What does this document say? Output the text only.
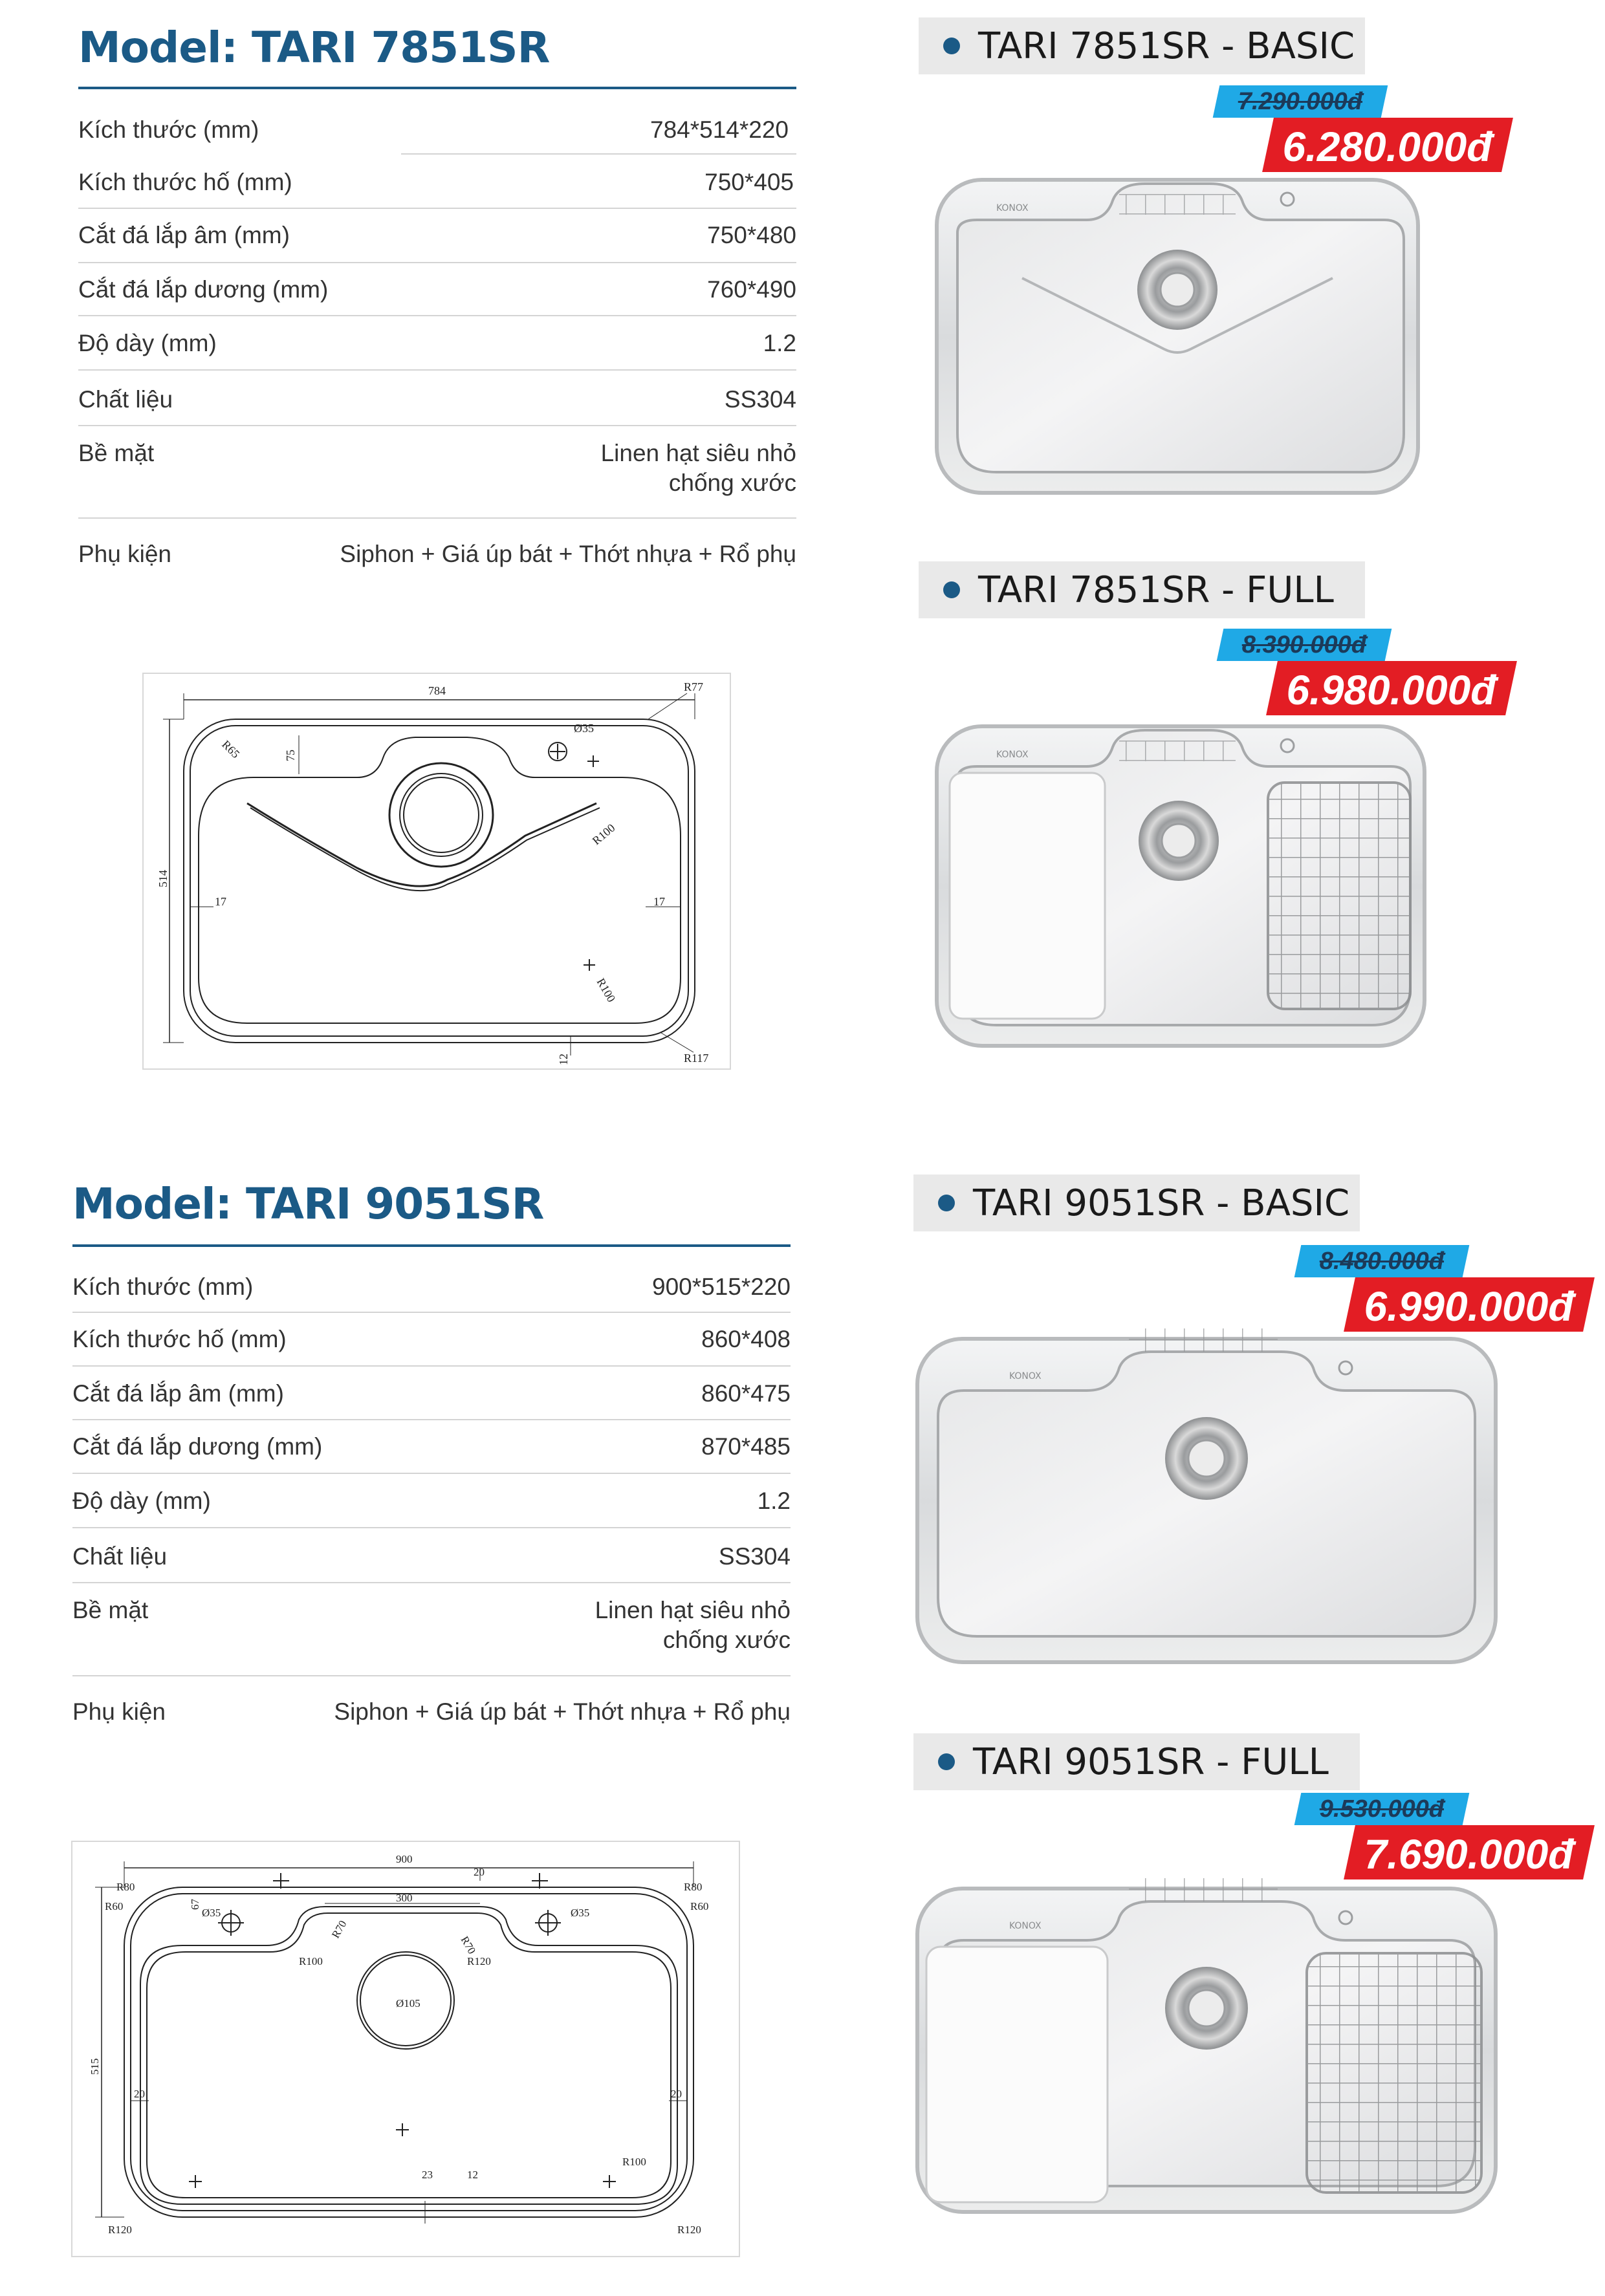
Model: TARI 7851SR
Kích thước (mm)	784*514*220
Kích thước hố (mm)	750*405
Cắt đá lắp âm (mm)	750*480
Cắt đá lắp dương (mm)	760*490
Độ dày (mm)	1.2
Chất liệu	SS304
Bề mặt	Linen hạt siêu nhỏ
chống xước
Phụ kiện	Siphon + Giá úp bát + Thớt nhựa + Rổ phụ
784	R77
R65	75
Ø35
R100
514
17	17
R100
12	R117
TARI 7851SR - BASIC
7.290.000đ
6.280.000đ
KONOX
TARI 7851SR - FULL
8.390.000đ
6.980.000đ
KONOX
Model: TARI 9051SR
Kích thước (mm)	900*515*220
Kích thước hố (mm)	860*408
Cắt đá lắp âm (mm)	860*475
Cắt đá lắp dương (mm)	870*485
Độ dày (mm)	1.2
Chất liệu	SS304
Bề mặt	Linen hạt siêu nhỏ
chống xước
Phụ kiện	Siphon + Giá úp bát + Thớt nhựa + Rổ phụ
900
20
R80	R80
R60	R60
Ø35	Ø35
300
67
R70
R70
R100	R120
Ø105
515
20	20
23	12
R120	R120
R100
TARI 9051SR - BASIC
8.480.000đ
6.990.000đ
KONOX
TARI 9051SR - FULL
9.530.000đ
7.690.000đ
KONOX
